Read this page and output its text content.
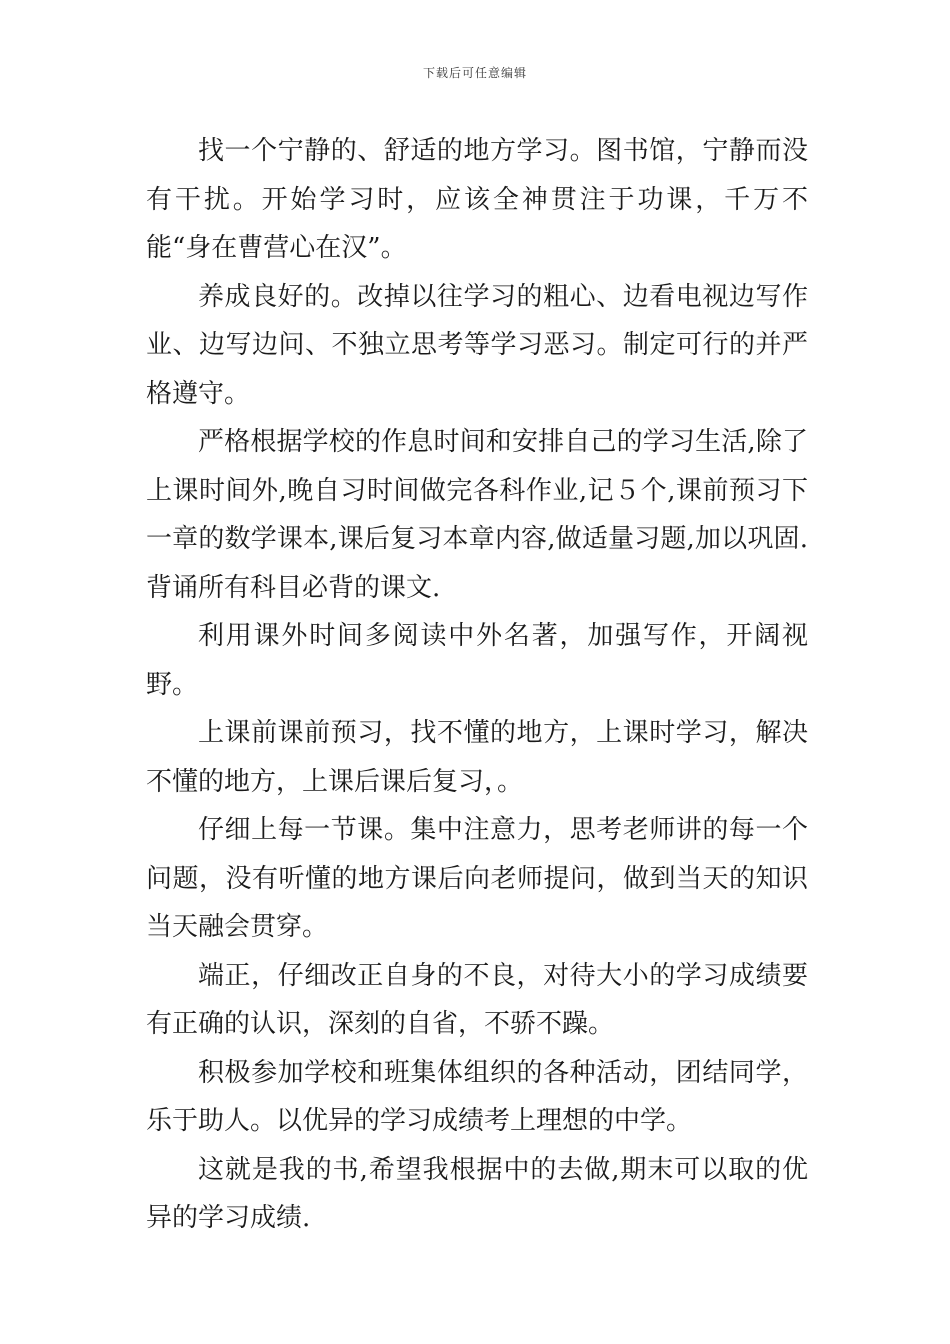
下载后可任意编辑

找一个宁静的、舒适的地方学习。图书馆，宁静而没有干扰。开始学习时，应该全神贯注于功课，千万不能“身在曹营心在汉”。

养成良好的。改掉以往学习的粗心、边看电视边写作业、边写边问、不独立思考等学习恶习。制定可行的并严格遵守。

严格根据学校的作息时间和安排自己的学习生活,除了上课时间外,晚自习时间做完各科作业,记５个,课前预习下一章的数学课本,课后复习本章内容,做适量习题,加以巩固.背诵所有科目必背的课文.

利用课外时间多阅读中外名著，加强写作，开阔视野。

上课前课前预习，找不懂的地方，上课时学习，解决不懂的地方，上课后课后复习，。

仔细上每一节课。集中注意力，思考老师讲的每一个问题，没有听懂的地方课后向老师提问，做到当天的知识当天融会贯穿。

端正，仔细改正自身的不良，对待大小的学习成绩要有正确的认识，深刻的自省，不骄不躁。

积极参加学校和班集体组织的各种活动，团结同学，乐于助人。以优异的学习成绩考上理想的中学。

这就是我的书,希望我根据中的去做,期末可以取的优异的学习成绩.
